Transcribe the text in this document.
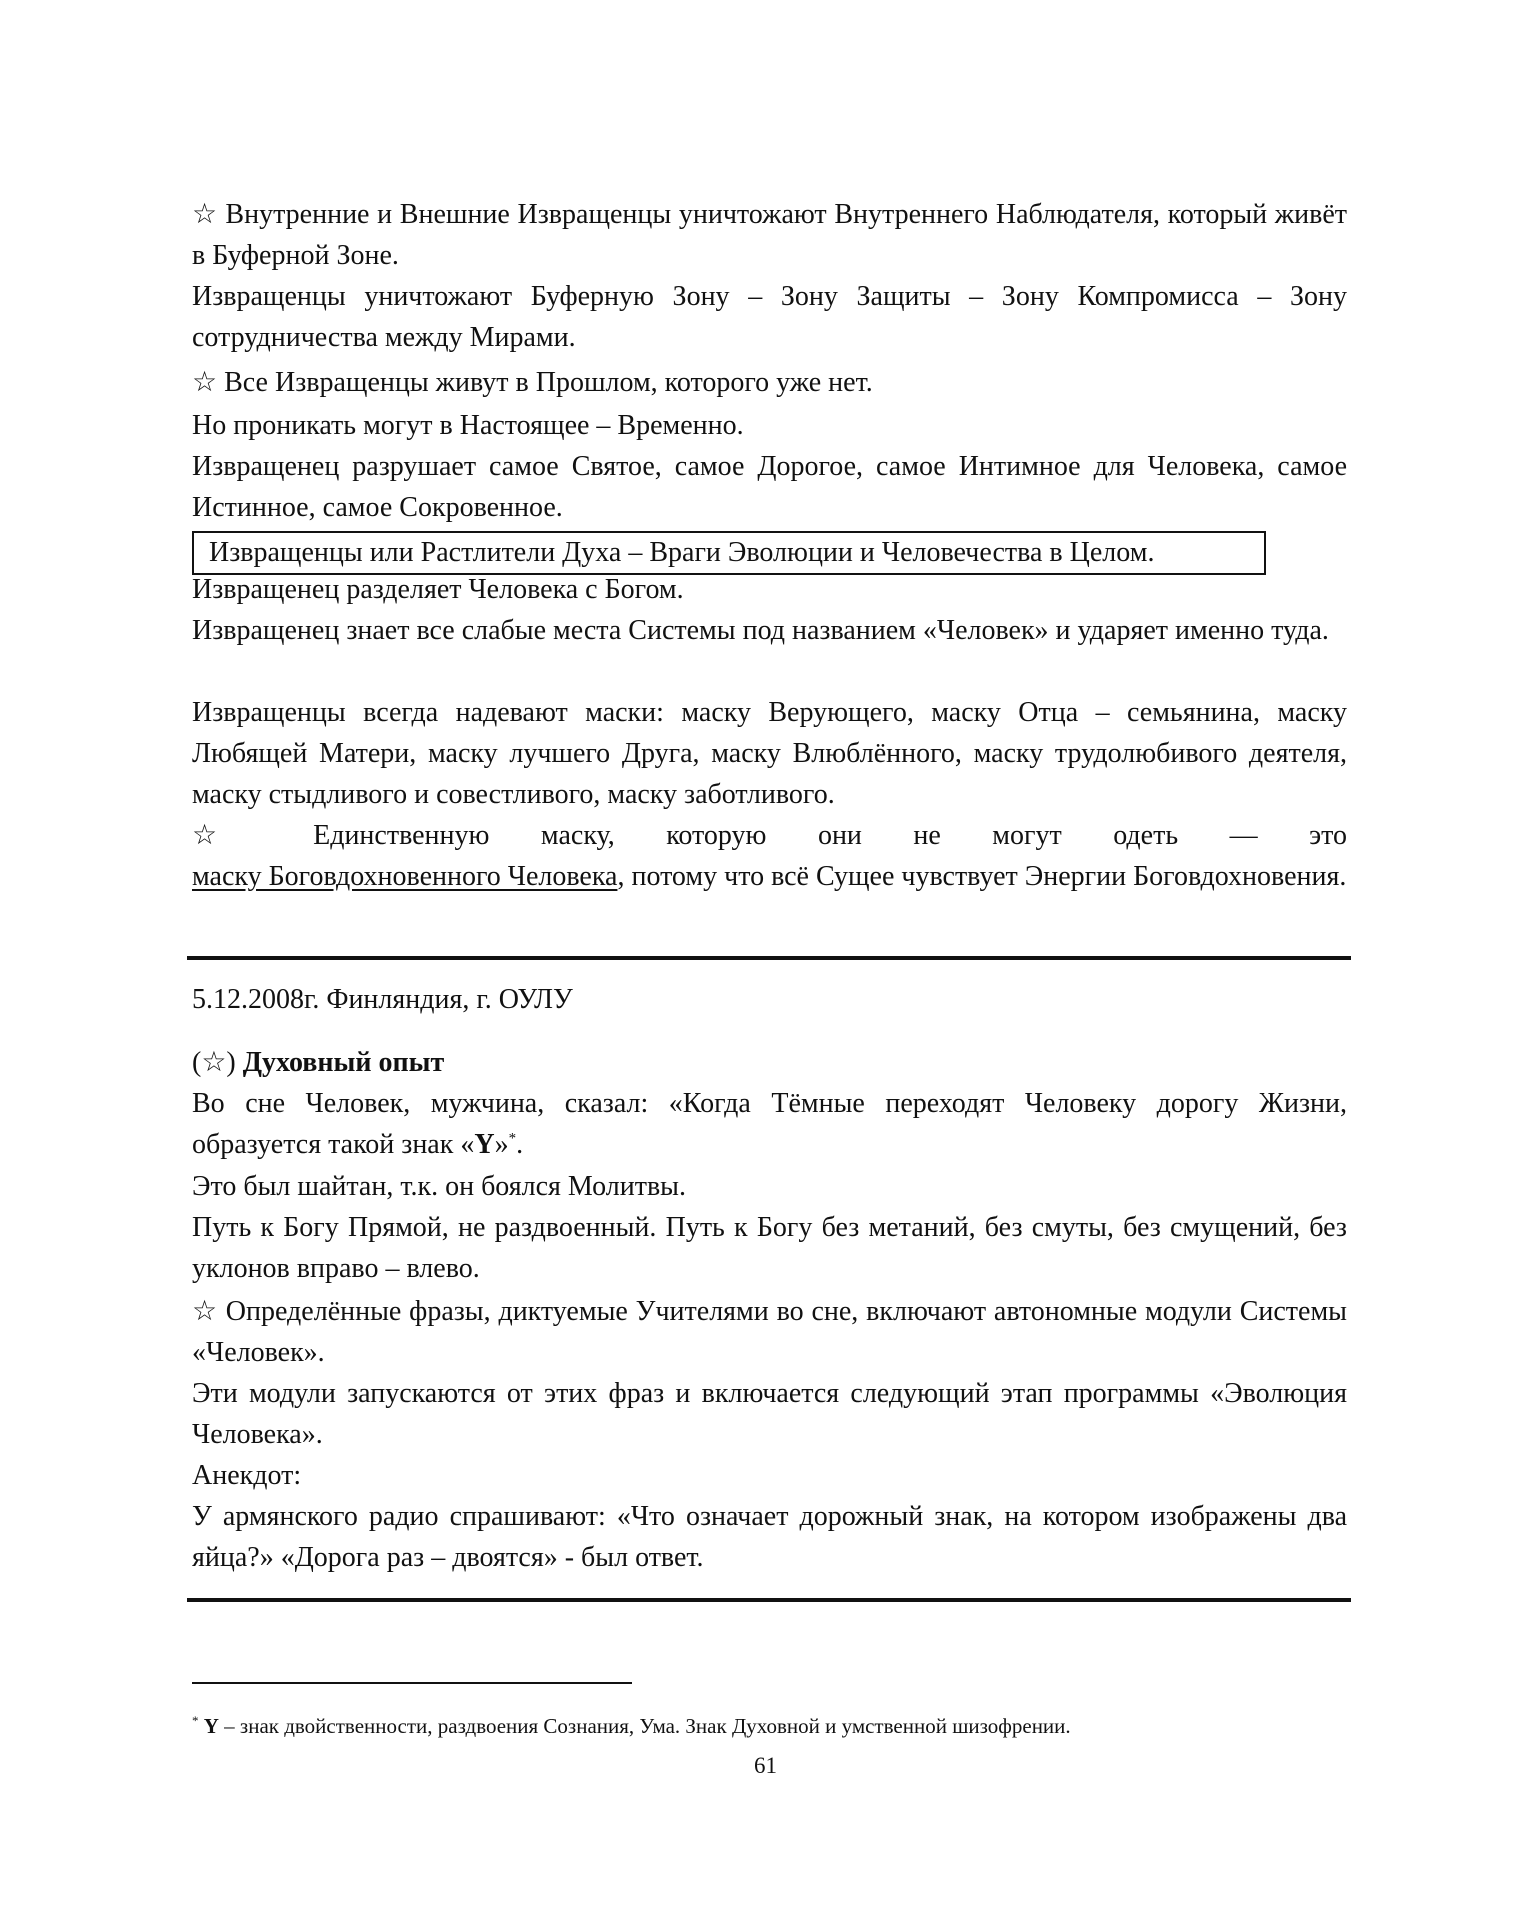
☆ Внутренние и Внешние Извращенцы уничтожают Внутреннего Наблюдателя, который живёт в Буферной Зоне.

Извращенцы уничтожают Буферную Зону – Зону Защиты – Зону Компромисса – Зону сотрудничества между Мирами.

☆ Все Извращенцы живут в Прошлом, которого уже нет.

Но проникать могут в Настоящее – Временно.

Извращенец разрушает самое Святое, самое Дорогое, самое Интимное для Человека, самое Истинное, самое Сокровенное.

Извращенцы или Растлители Духа – Враги Эволюции и Человечества в Целом.

Извращенец разделяет Человека с Богом.

Извращенец знает все слабые места Системы под названием «Человек» и ударяет именно туда.

Извращенцы всегда надевают маски: маску Верующего, маску Отца – семьянина, маску Любящей Матери, маску лучшего Друга, маску Влюблённого, маску трудолюбивого деятеля, маску стыдливого и совестливого, маску заботливого.

☆ Единственную маску, которую они не могут одеть — это

маску Боговдохновенного Человека, потому что всё Сущее чувствует Энергии Боговдохновения.

5.12.2008г. Финляндия, г. ОУЛУ

(☆) Духовный опыт

Во сне Человек, мужчина, сказал: «Когда Тёмные переходят Человеку дорогу Жизни, образуется такой знак «Y»*.

Это был шайтан, т.к. он боялся Молитвы.

Путь к Богу Прямой, не раздвоенный. Путь к Богу без метаний, без смуты, без смущений, без уклонов вправо – влево.

☆ Определённые фразы, диктуемые Учителями во сне, включают автономные модули Системы «Человек».

Эти модули запускаются от этих фраз и включается следующий этап программы «Эволюция Человека».

Анекдот:

У армянского радио спрашивают: «Что означает дорожный знак, на котором изображены два яйца?» «Дорога раз – двоятся» - был ответ.

* Y – знак двойственности, раздвоения Сознания, Ума. Знак Духовной и умственной шизофрении.

61
